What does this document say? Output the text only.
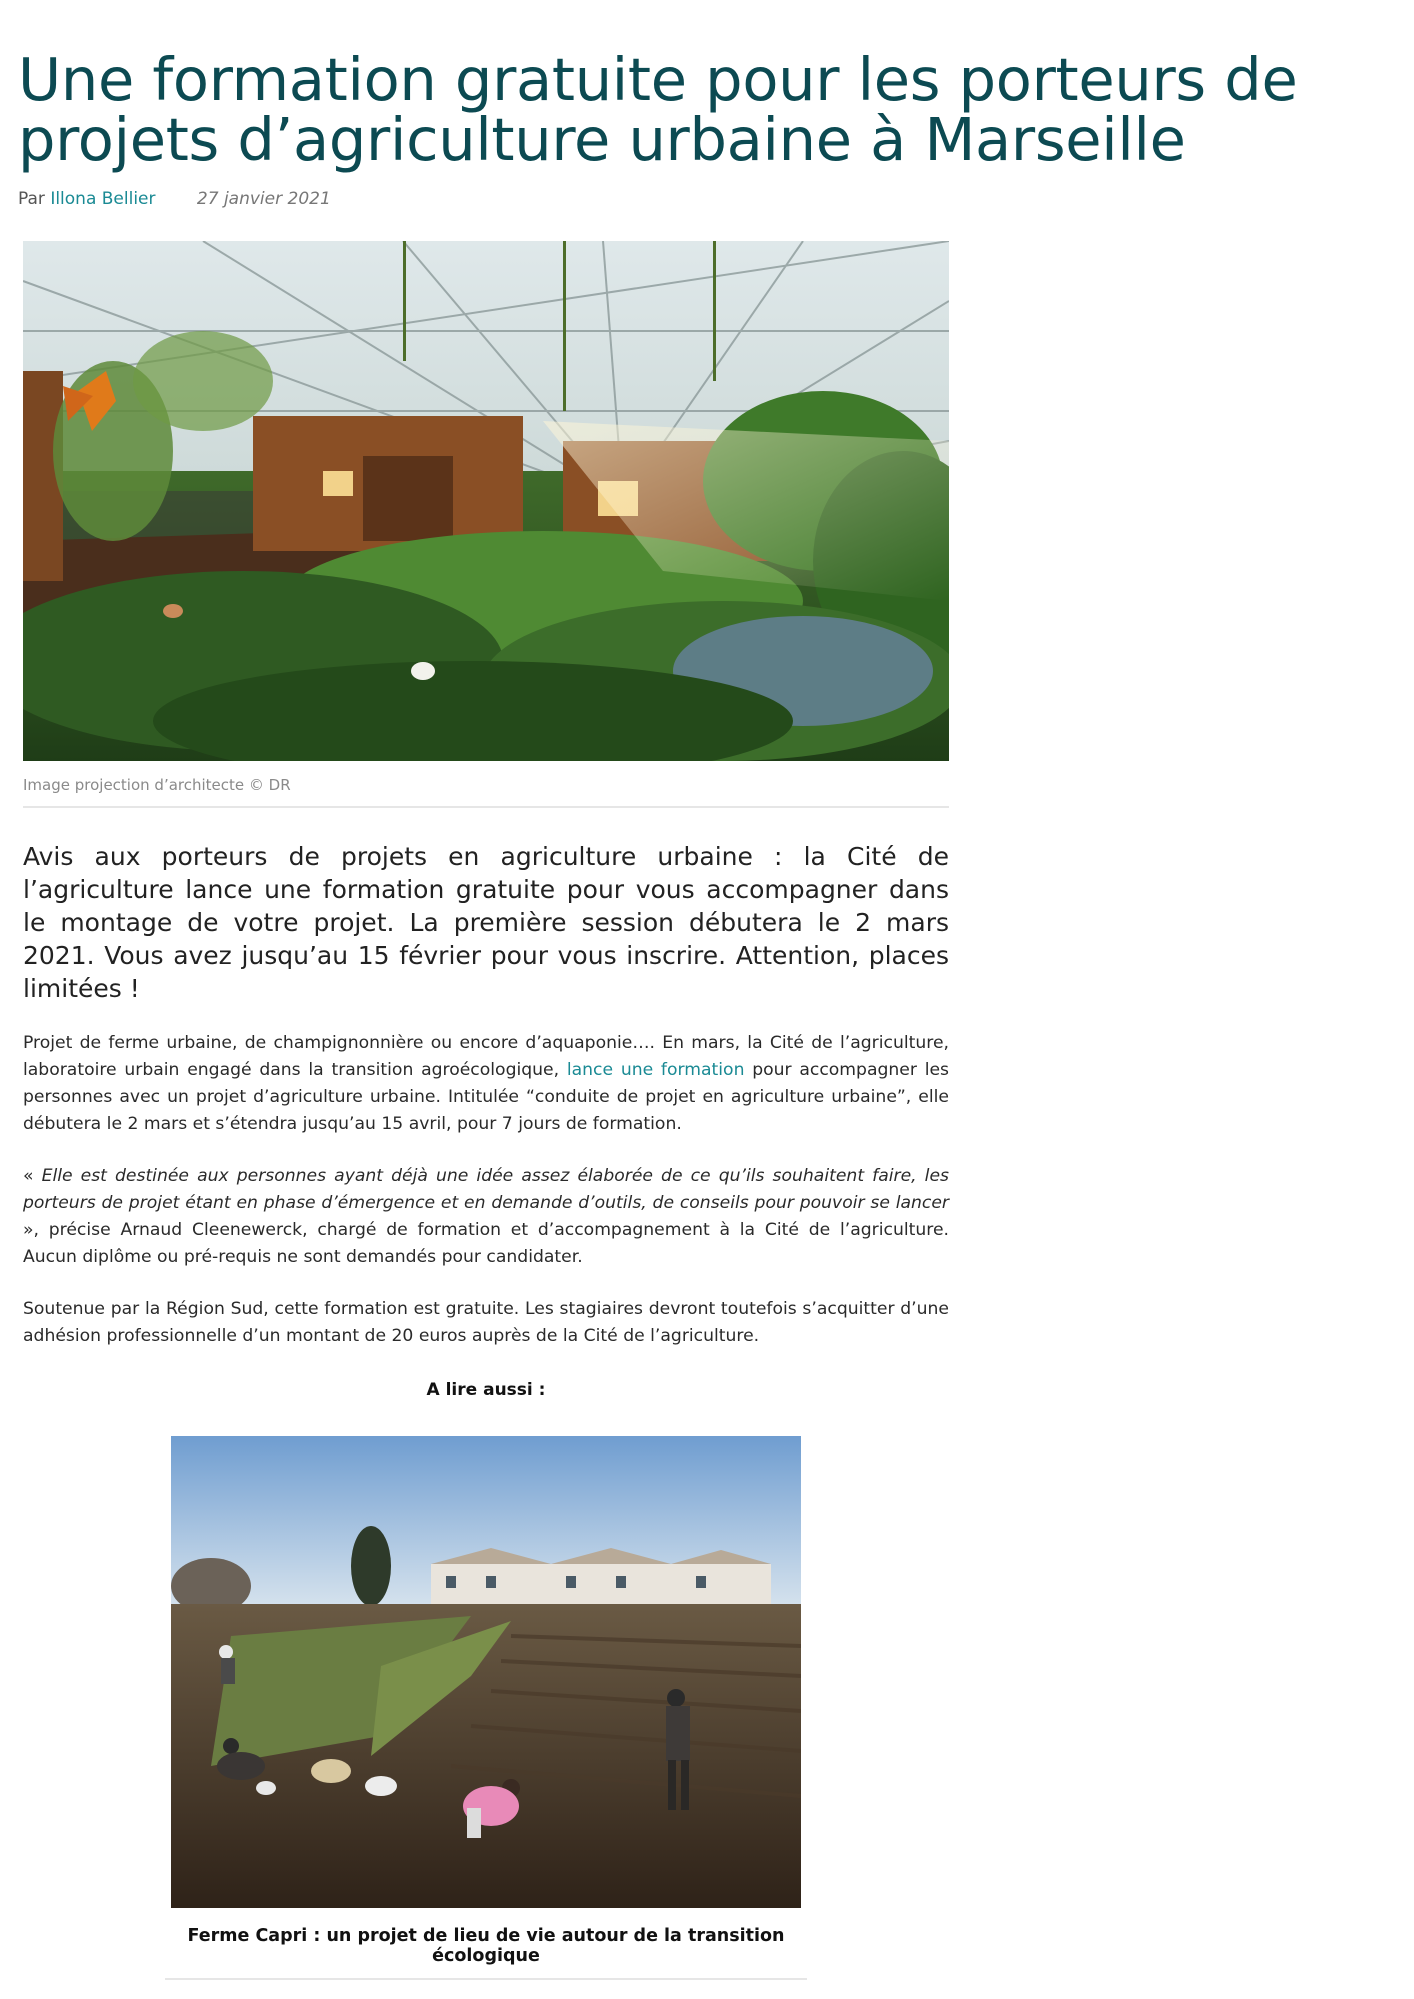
Une formation gratuite pour les porteurs de projets d’agriculture urbaine à Marseille
Par Illona Bellier 27 janvier 2021
Image projection d’architecte © DR

Avis aux porteurs de projets en agriculture urbaine : la Cité de l’agriculture lance une formation gratuite pour vous accompagner dans le montage de votre projet. La première session débutera le 2 mars 2021. Vous avez jusqu’au 15 février pour vous inscrire. Attention, places limitées !

Projet de ferme urbaine, de champignonnière ou encore d’aquaponie…. En mars, la Cité de l’agriculture, laboratoire urbain engagé dans la transition agroécologique, lance une formation pour accompagner les personnes avec un projet d’agriculture urbaine. Intitulée “conduite de projet en agriculture urbaine”, elle débutera le 2 mars et s’étendra jusqu’au 15 avril, pour 7 jours de formation.

« Elle est destinée aux personnes ayant déjà une idée assez élaborée de ce qu’ils souhaitent faire, les porteurs de projet étant en phase d’émergence et en demande d’outils, de conseils pour pouvoir se lancer », précise Arnaud Cleenewerck, chargé de formation et d’accompagnement à la Cité de l’agriculture. Aucun diplôme ou pré-requis ne sont demandés pour candidater.

Soutenue par la Région Sud, cette formation est gratuite. Les stagiaires devront toutefois s’acquitter d’une adhésion professionnelle d’un montant de 20 euros auprès de la Cité de l’agriculture.

A lire aussi :
Ferme Capri : un projet de lieu de vie autour de la transition écologique
